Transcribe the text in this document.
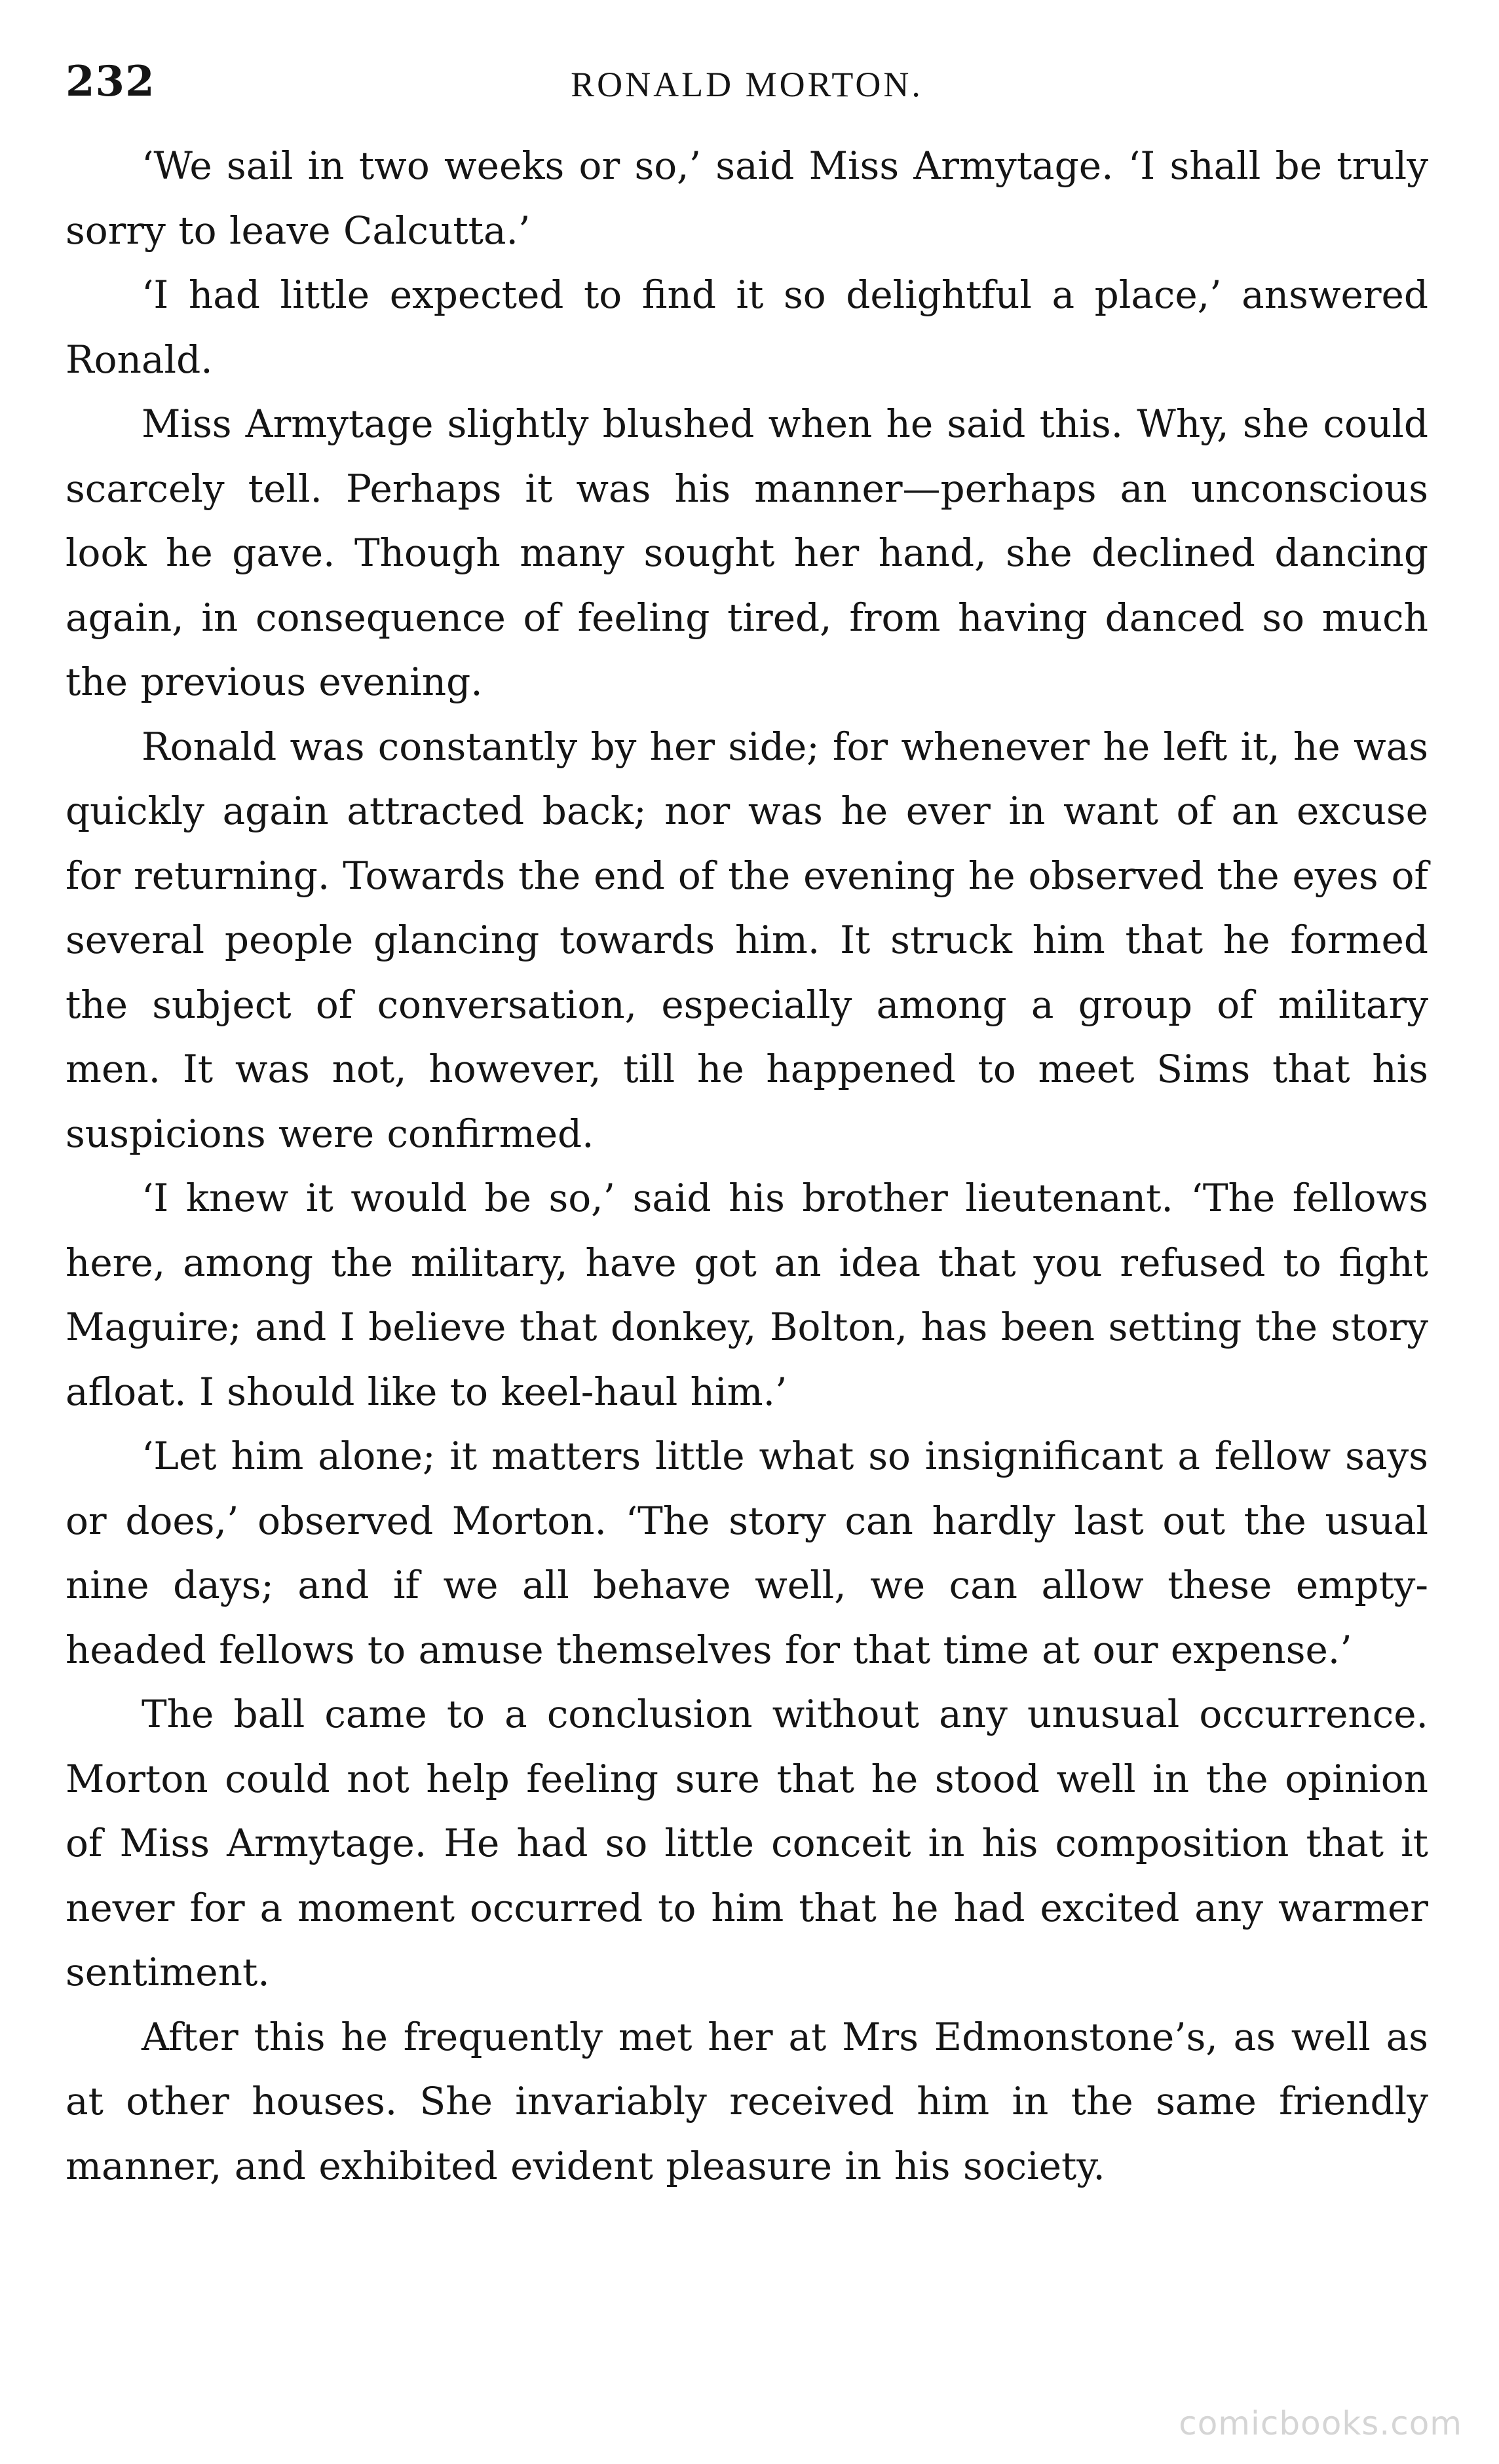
232	RONALD MORTON.

‘We sail in two weeks or so,’ said Miss Armytage. ‘I shall be truly sorry to leave Calcutta.’

‘I had little expected to find it so delightful a place,’ answered Ronald.

Miss Armytage slightly blushed when he said this. Why, she could scarcely tell. Perhaps it was his manner—perhaps an unconscious look he gave. Though many sought her hand, she declined dancing again, in consequence of feeling tired, from having danced so much the previous evening.

Ronald was constantly by her side; for whenever he left it, he was quickly again attracted back; nor was he ever in want of an excuse for returning. Towards the end of the evening he observed the eyes of several people glancing towards him. It struck him that he formed the subject of conversation, especially among a group of military men. It was not, however, till he happened to meet Sims that his suspicions were confirmed.

‘I knew it would be so,’ said his brother lieutenant. ‘The fellows here, among the military, have got an idea that you refused to fight Maguire; and I believe that donkey, Bolton, has been setting the story afloat. I should like to keel-haul him.’

‘Let him alone; it matters little what so insignificant a fellow says or does,’ observed Morton. ‘The story can hardly last out the usual nine days; and if we all behave well, we can allow these empty-headed fellows to amuse themselves for that time at our expense.’

The ball came to a conclusion without any unusual occurrence. Morton could not help feeling sure that he stood well in the opinion of Miss Armytage. He had so little conceit in his composition that it never for a moment occurred to him that he had excited any warmer sentiment.

After this he frequently met her at Mrs Edmonstone’s, as well as at other houses. She invariably received him in the same friendly manner, and exhibited evident pleasure in his society.

comicbooks.com
